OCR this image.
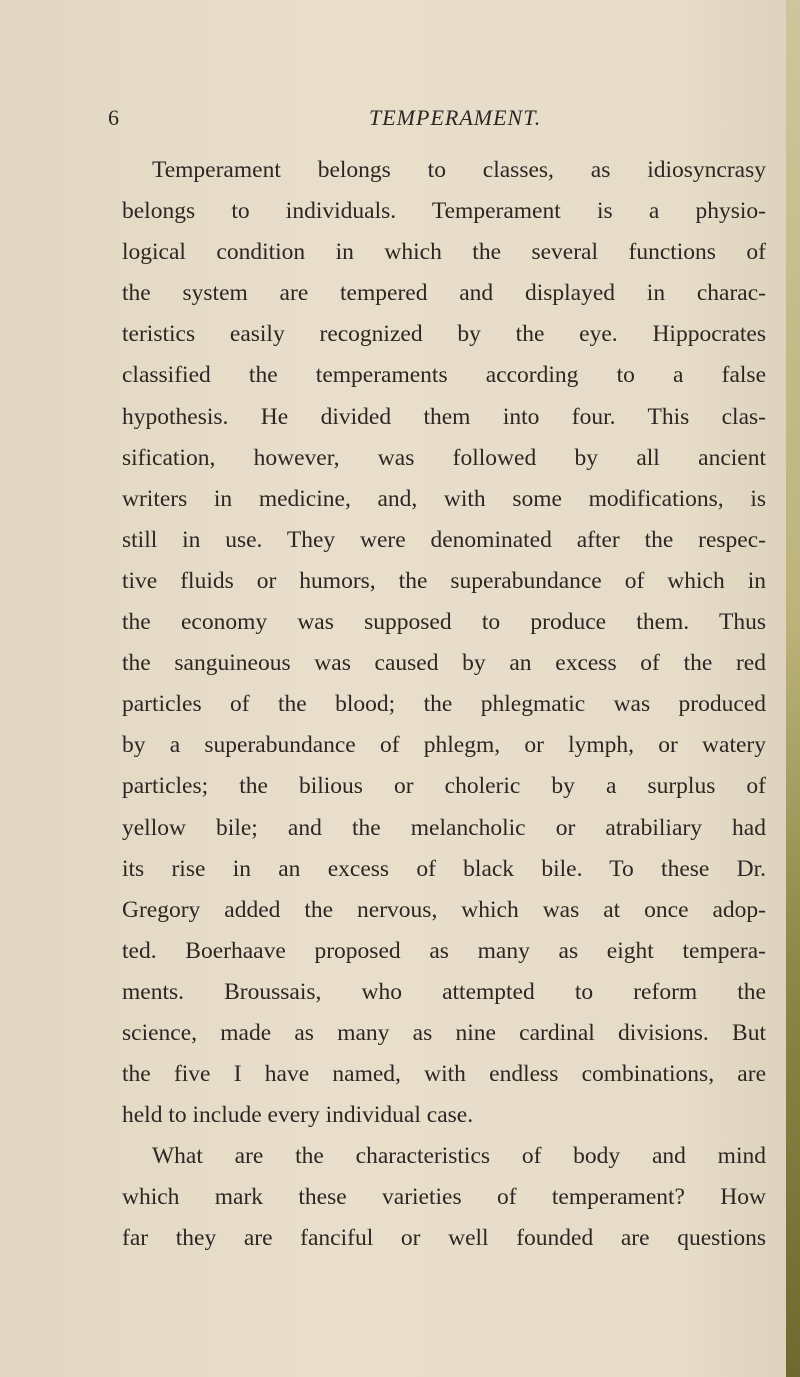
6	TEMPERAMENT.
Temperament belongs to classes, as idiosyncrasy
belongs to individuals. Temperament is a physio-
logical condition in which the several functions of
the system are tempered and displayed in charac-
teristics easily recognized by the eye. Hippocrates
classified the temperaments according to a false
hypothesis. He divided them into four. This clas-
sification, however, was followed by all ancient
writers in medicine, and, with some modifications, is
still in use. They were denominated after the respec-
tive fluids or humors, the superabundance of which in
the economy was supposed to produce them. Thus
the sanguineous was caused by an excess of the red
particles of the blood; the phlegmatic was produced
by a superabundance of phlegm, or lymph, or watery
particles; the bilious or choleric by a surplus of
yellow bile; and the melancholic or atrabiliary had
its rise in an excess of black bile. To these Dr.
Gregory added the nervous, which was at once adop-
ted. Boerhaave proposed as many as eight tempera-
ments. Broussais, who attempted to reform the
science, made as many as nine cardinal divisions. But
the five I have named, with endless combinations, are
held to include every individual case.
What are the characteristics of body and mind
which mark these varieties of temperament? How
far they are fanciful or well founded are questions
